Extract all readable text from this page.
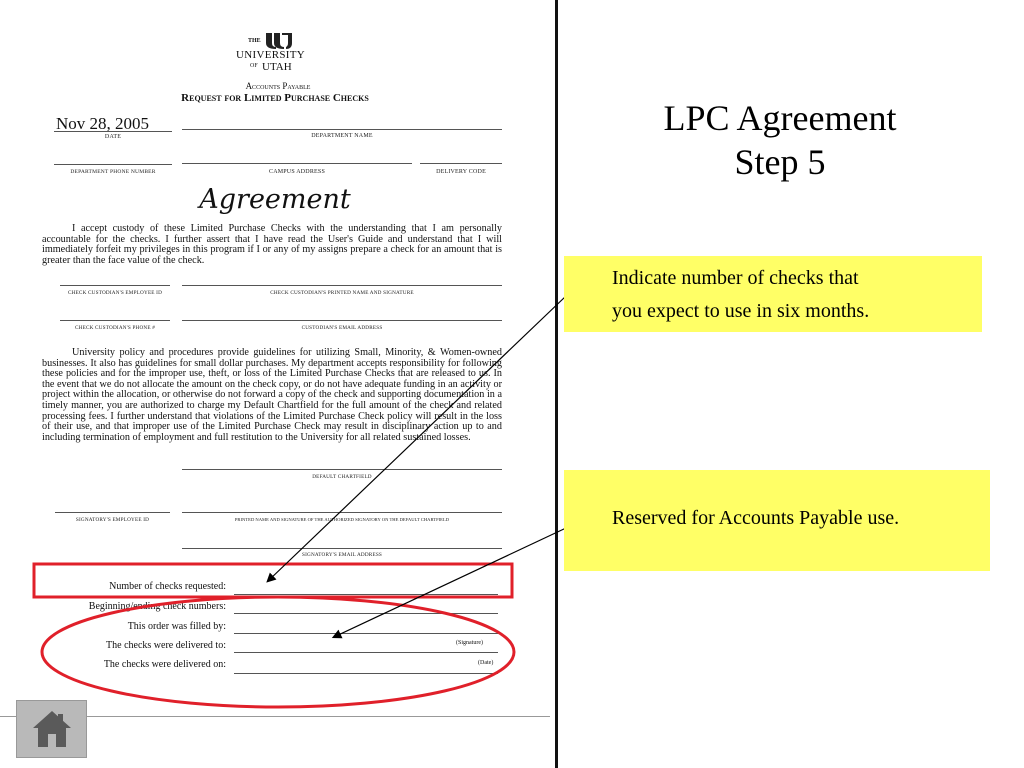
THE
UNIVERSITY
OF UTAH
Accounts Payable
Request for Limited Purchase Checks
Nov 28, 2005
DATE	DEPARTMENT NAME
DEPARTMENT PHONE NUMBER	CAMPUS ADDRESS	DELIVERY CODE
Agreement
I accept custody of these Limited Purchase Checks with the understanding that I am personally accountable for the checks. I further assert that I have read the User's Guide and understand that I will immediately forfeit my privileges in this program if I or any of my assigns prepare a check for an amount that is greater than the face value of the check.
CHECK CUSTODIAN'S EMPLOYEE ID	CHECK CUSTODIAN'S PRINTED NAME AND SIGNATURE
CHECK CUSTODIAN'S PHONE #	CUSTODIAN'S EMAIL ADDRESS
University policy and procedures provide guidelines for utilizing Small, Minority, & Women-owned businesses. It also has guidelines for small dollar purchases. My department accepts responsibility for following these policies and for the improper use, theft, or loss of the Limited Purchase Checks that are released to us. In the event that we do not allocate the amount on the check copy, or do not have adequate funding in an activity or project within the allocation, or otherwise do not forward a copy of the check and supporting documentation in a timely manner, you are authorized to charge my Default Chartfield for the full amount of the check and related processing fees. I further understand that violations of the Limited Purchase Check policy will result in the loss of their use, and that improper use of the Limited Purchase Check may result in disciplinary action up to and including termination of employment and full restitution to the University for all related sustained losses.
DEFAULT CHARTFIELD
SIGNATORY'S EMPLOYEE ID	PRINTED NAME AND SIGNATURE OF THE AUTHORIZED SIGNATORY ON THE DEFAULT CHARTFIELD
SIGNATORY'S EMAIL ADDRESS
Number of checks requested:
Beginning/ending check numbers:
This order was filled by:
The checks were delivered to:	(Signature)
The checks were delivered on:	(Date)
LPC Agreement
Step 5
Indicate number of checks that
you expect to use in six months.
Reserved for Accounts Payable use.
